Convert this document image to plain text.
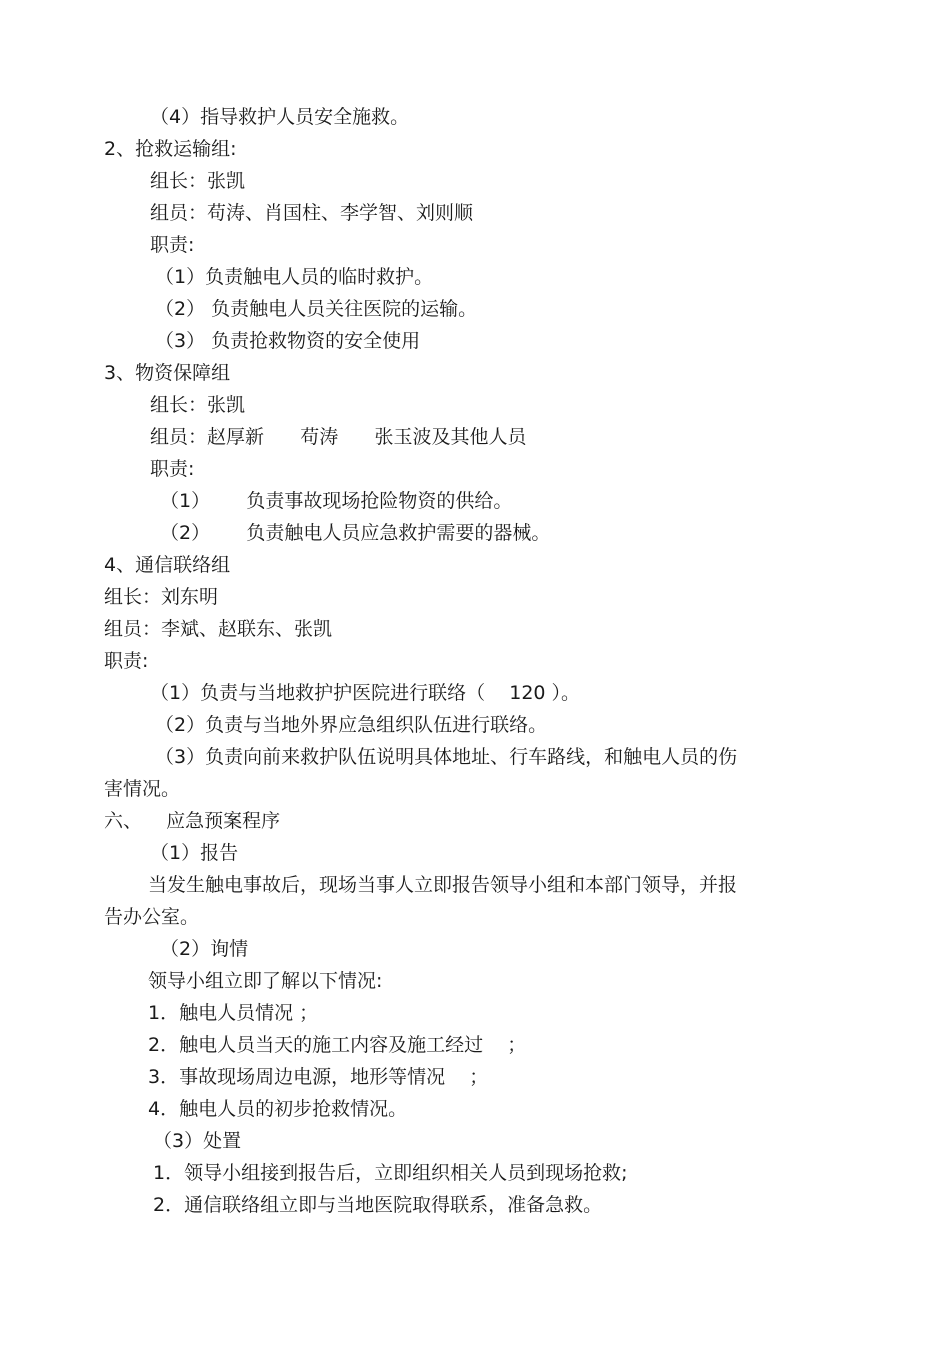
（4）指导救护人员安全施救。
2、抢救运输组:
组长：张凯
组员：苟涛、肖国柱、李学智、刘则顺
职责:
（1）负责触电人员的临时救护。
（2） 负责触电人员关往医院的运输。
（3） 负责抢救物资的安全使用
3、物资保障组
组长：张凯
组员：赵厚新      苟涛      张玉波及其他人员
职责:
（1）      负责事故现场抢险物资的供给。
（2）      负责触电人员应急救护需要的器械。
4、通信联络组
组长：刘东明
组员：李斌、赵联东、张凯
职责:
（1）负责与当地救护护医院进行联络（    120 ）。
（2）负责与当地外界应急组织队伍进行联络。
（3）负责向前来救护队伍说明具体地址、行车路线，和触电人员的伤
害情况。
六、    应急预案程序
（1）报告
当发生触电事故后，现场当事人立即报告领导小组和本部门领导，并报
告办公室。
（2）询情
领导小组立即了解以下情况:
1．触电人员情况 ；
2．触电人员当天的施工内容及施工经过    ；
3．事故现场周边电源，地形等情况    ；
4．触电人员的初步抢救情况。
（3）处置
1．领导小组接到报告后，立即组织相关人员到现场抢救;
2．通信联络组立即与当地医院取得联系，准备急救。
